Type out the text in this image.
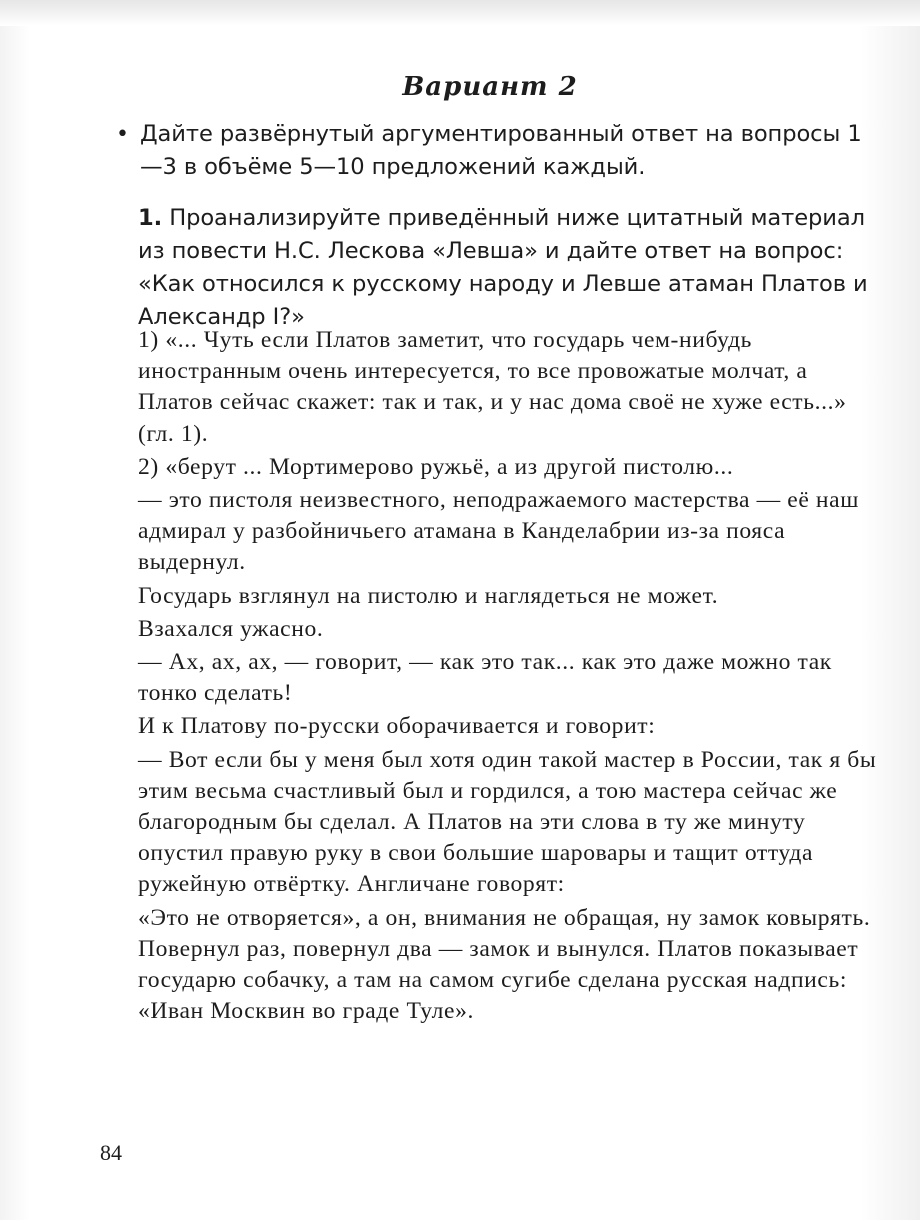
Вариант 2
• Дайте развёрнутый аргументированный ответ на вопросы 1—3 в объёме 5—10 предложений каждый.
1. Проанализируйте приведённый ниже цитатный материал из повести Н.С. Лескова «Левша» и дайте ответ на вопрос: «Как относился к русскому народу и Левше атаман Платов и Александр I?»

1) «... Чуть если Платов заметит, что государь чем-нибудь иностранным очень интересуется, то все провожатые молчат, а Платов сейчас скажет: так и так, и у нас дома своё не хуже есть...» (гл. 1).

2) «берут ... Мортимерово ружьё, а из другой пистолю...

— это пистоля неизвестного, неподражаемого мастерства — её наш адмирал у разбойничьего атамана в Канделабрии из-за пояса выдернул.

Государь взглянул на пистолю и наглядеться не может.

Взахался ужасно.

— Ах, ах, ах, — говорит, — как это так... как это даже можно так тонко сделать!

И к Платову по-русски оборачивается и говорит:

— Вот если бы у меня был хотя один такой мастер в России, так я бы этим весьма счастливый был и гордился, а тою мастера сейчас же благородным бы сделал. А Платов на эти слова в ту же минуту опустил правую руку в свои большие шаровары и тащит оттуда ружейную отвёртку. Англичане говорят:

«Это не отворяется», а он, внимания не обращая, ну замок ковырять. Повернул раз, повернул два — замок и вынулся. Платов показывает государю собачку, а там на самом сугибе сделана русская надпись: «Иван Москвин во граде Туле».

84
